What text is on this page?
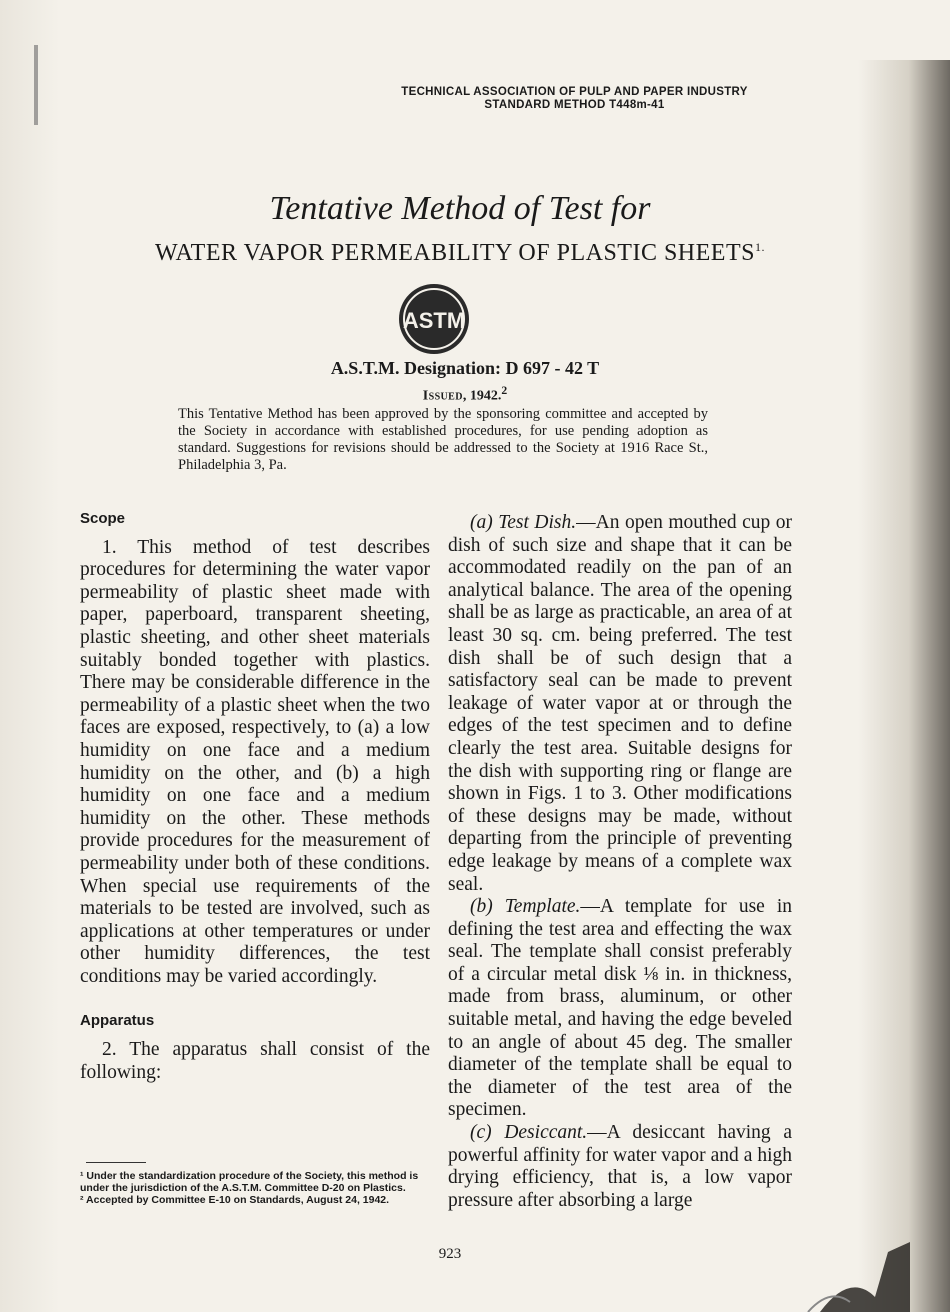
TECHNICAL ASSOCIATION OF PULP AND PAPER INDUSTRY
STANDARD METHOD T448m-41
Tentative Method of Test for
WATER VAPOR PERMEABILITY OF PLASTIC $SHEETS^{1.}$
ASTM
A.S.T.M. Designation: D 697 - 42 T
Issued, 1942.$^2$
This Tentative Method has been approved by the sponsoring committee and accepted by the Society in accordance with established procedures, for use pending adoption as standard. Suggestions for revisions should be addressed to the Society at 1916 Race St., Philadelphia 3, Pa.
Scope

1. This method of test describes procedures for determining the water vapor permeability of plastic sheet made with paper, paperboard, transparent sheeting, plastic sheeting, and other sheet materials suitably bonded together with plastics. There may be considerable difference in the permeability of a plastic sheet when the two faces are exposed, respectively, to (a) a low humidity on one face and a medium humidity on the other, and (b) a high humidity on one face and a medium humidity on the other. These methods provide procedures for the measurement of permeability under both of these conditions. When special use requirements of the materials to be tested are involved, such as applications at other temperatures or under other humidity differences, the test conditions may be varied accordingly.

Apparatus

2. The apparatus shall consist of the following:

(a) Test Dish.—An open mouthed cup or dish of such size and shape that it can be accommodated readily on the pan of an analytical balance. The area of the opening shall be as large as practicable, an area of at least 30 sq. cm. being preferred. The test dish shall be of such design that a satisfactory seal can be made to prevent leakage of water vapor at or through the edges of the test specimen and to define clearly the test area. Suitable designs for the dish with supporting ring or flange are shown in Figs. 1 to 3. Other modifications of these designs may be made, without departing from the principle of preventing edge leakage by means of a complete wax seal.

(b) Template.—A template for use in defining the test area and effecting the wax seal. The template shall consist preferably of a circular metal disk ⅛ in. in thickness, made from brass, aluminum, or other suitable metal, and having the edge beveled to an angle of about 45 deg. The smaller diameter of the template shall be equal to the diameter of the test area of the specimen.

(c) Desiccant.—A desiccant having a powerful affinity for water vapor and a high drying efficiency, that is, a low vapor pressure after absorbing a large

¹ Under the standardization procedure of the Society, this method is under the jurisdiction of the A.S.T.M. Committee D-20 on Plastics.
² Accepted by Committee E-10 on Standards, August 24, 1942.
923
